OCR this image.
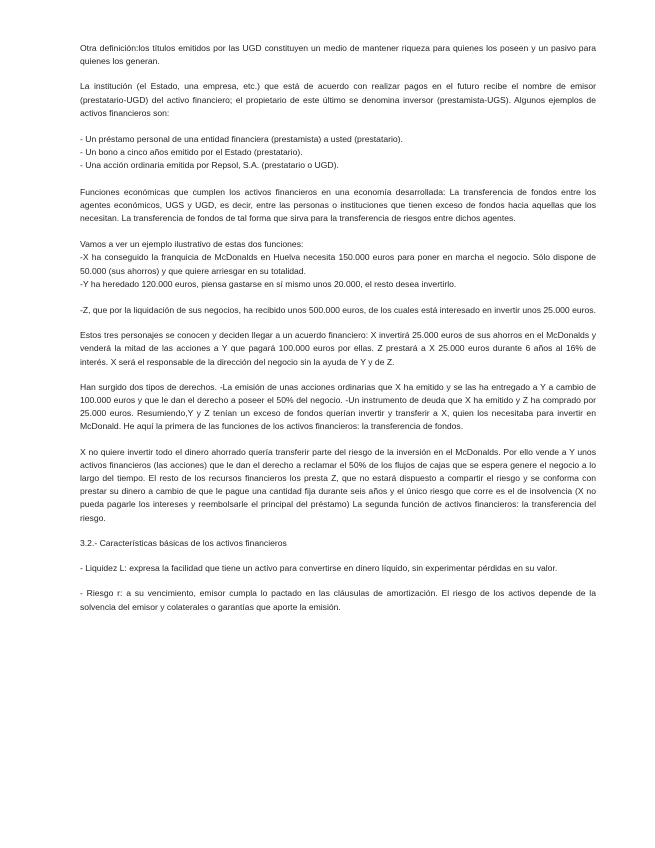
Otra definición:los títulos emitidos por las UGD constituyen un medio de mantener riqueza para quienes los poseen y un pasivo para quienes los generan.

La institución (el Estado, una empresa, etc.) que está de acuerdo con realizar pagos en el futuro recibe el nombre de emisor (prestatario-UGD) del activo financiero; el propietario de este último se denomina inversor (prestamista-UGS). Algunos ejemplos de activos financieros son:

- Un préstamo personal de una entidad financiera (prestamista) a usted (prestatario).

- Un bono a cinco años emitido por el Estado (prestatario).

- Una acción ordinaria emitida por Repsol, S.A. (prestatario o UGD).

Funciones económicas que cumplen los activos financieros en una economía desarrollada: La transferencia de fondos entre los agentes económicos, UGS y UGD, es decir, entre las personas o instituciones que tienen exceso de fondos hacia aquellas que los necesitan. La transferencia de fondos de tal forma que sirva para la transferencia de riesgos entre dichos agentes.

Vamos a ver un ejemplo ilustrativo de estas dos funciones:

-X ha conseguido la franquicia de McDonalds en Huelva necesita 150.000 euros para poner en marcha el negocio. Sólo dispone de 50.000 (sus ahorros) y que quiere arriesgar en su totalidad.

-Y ha heredado 120.000 euros, piensa gastarse en sí mismo unos 20.000, el resto desea invertirlo.

-Z, que por la liquidación de sus negocios, ha recibido unos 500.000 euros, de los cuales está interesado en invertir unos 25.000 euros.

Estos tres personajes se conocen y deciden llegar a un acuerdo financiero: X invertirá 25.000 euros de sus ahorros en el McDonalds y venderá la mitad de las acciones a Y que pagará 100.000 euros por ellas. Z prestará a X 25.000 euros durante 6 años al 16% de interés. X será el responsable de la dirección del negocio sin la ayuda de Y y de Z.

Han surgido dos tipos de derechos. -La emisión de unas acciones ordinarias que X ha emitido y se las ha entregado a Y a cambio de 100.000 euros y que le dan el derecho a poseer el 50% del negocio. -Un instrumento de deuda que X ha emitido y Z ha comprado por 25.000 euros. Resumiendo,Y y Z tenían un exceso de fondos querían invertir y transferir a X, quien los necesitaba para invertir en McDonald. He aquí la primera de las funciones de los activos financieros: la transferencia de fondos.

X no quiere invertir todo el dinero ahorrado quería transferir parte del riesgo de la inversión en el McDonalds. Por ello vende a Y unos activos financieros (las acciones) que le dan el derecho a reclamar el 50% de los flujos de cajas que se espera genere el negocio a lo largo del tiempo. El resto de los recursos financieros los presta Z, que no estará dispuesto a compartir el riesgo y se conforma con prestar su dinero a cambio de que le pague una cantidad fija durante seis años y el único riesgo que corre es el de insolvencia (X no pueda pagarle los intereses y reembolsarle el principal del préstamo) La segunda función de activos financieros: la transferencia del riesgo.

3.2.- Características básicas de los activos financieros

- Liquidez L: expresa la facilidad que tiene un activo para convertirse en dinero líquido, sin experimentar pérdidas en su valor.

- Riesgo r: a su vencimiento, emisor cumpla lo pactado en las cláusulas de amortización. El riesgo de los activos depende de la solvencia del emisor y colaterales o garantías que aporte la emisión.
